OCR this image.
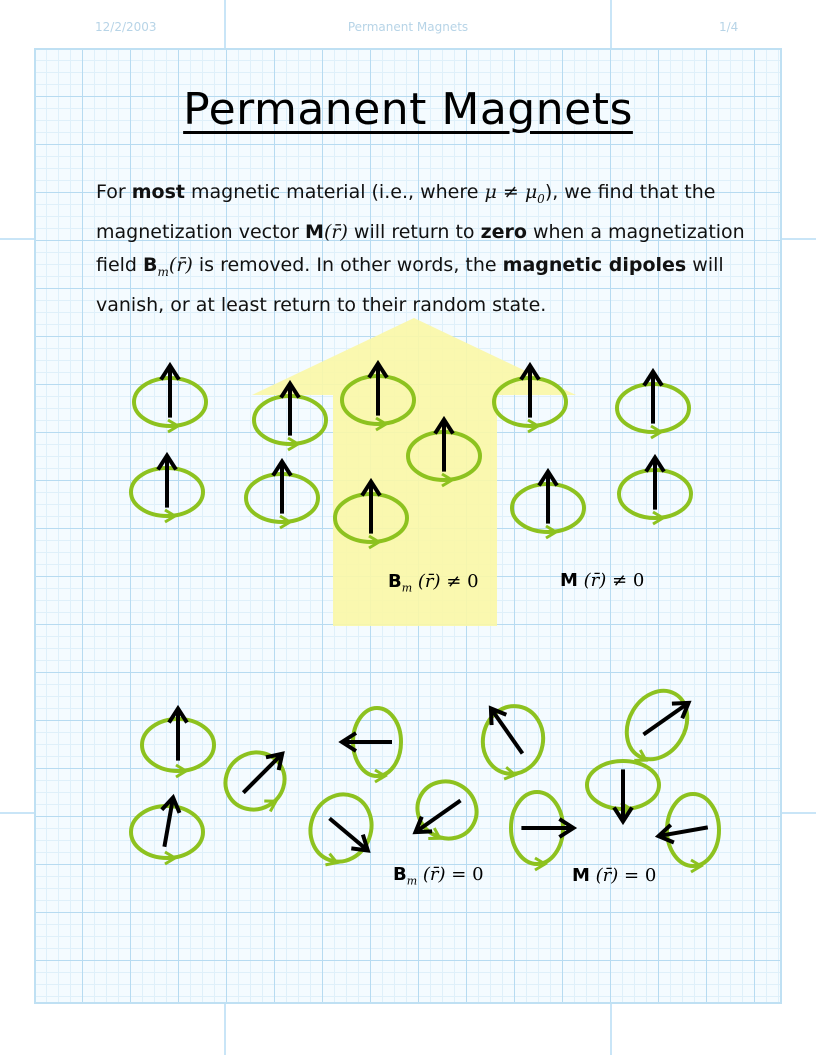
12/2/2003	Permanent Magnets	1/4
Permanent Magnets
For most magnetic material (i.e., where $\mu \ne \mu_0$), we find that the magnetization vector M(r̄) will return to zero when a magnetization field $B_m(r̄)$ is removed. In other words, the magnetic dipoles will vanish, or at least return to their random state.
$B_m$ (r̄) ≠ 0	M (r̄) ≠ 0
$B_m$ (r̄) = 0	M (r̄) = 0
